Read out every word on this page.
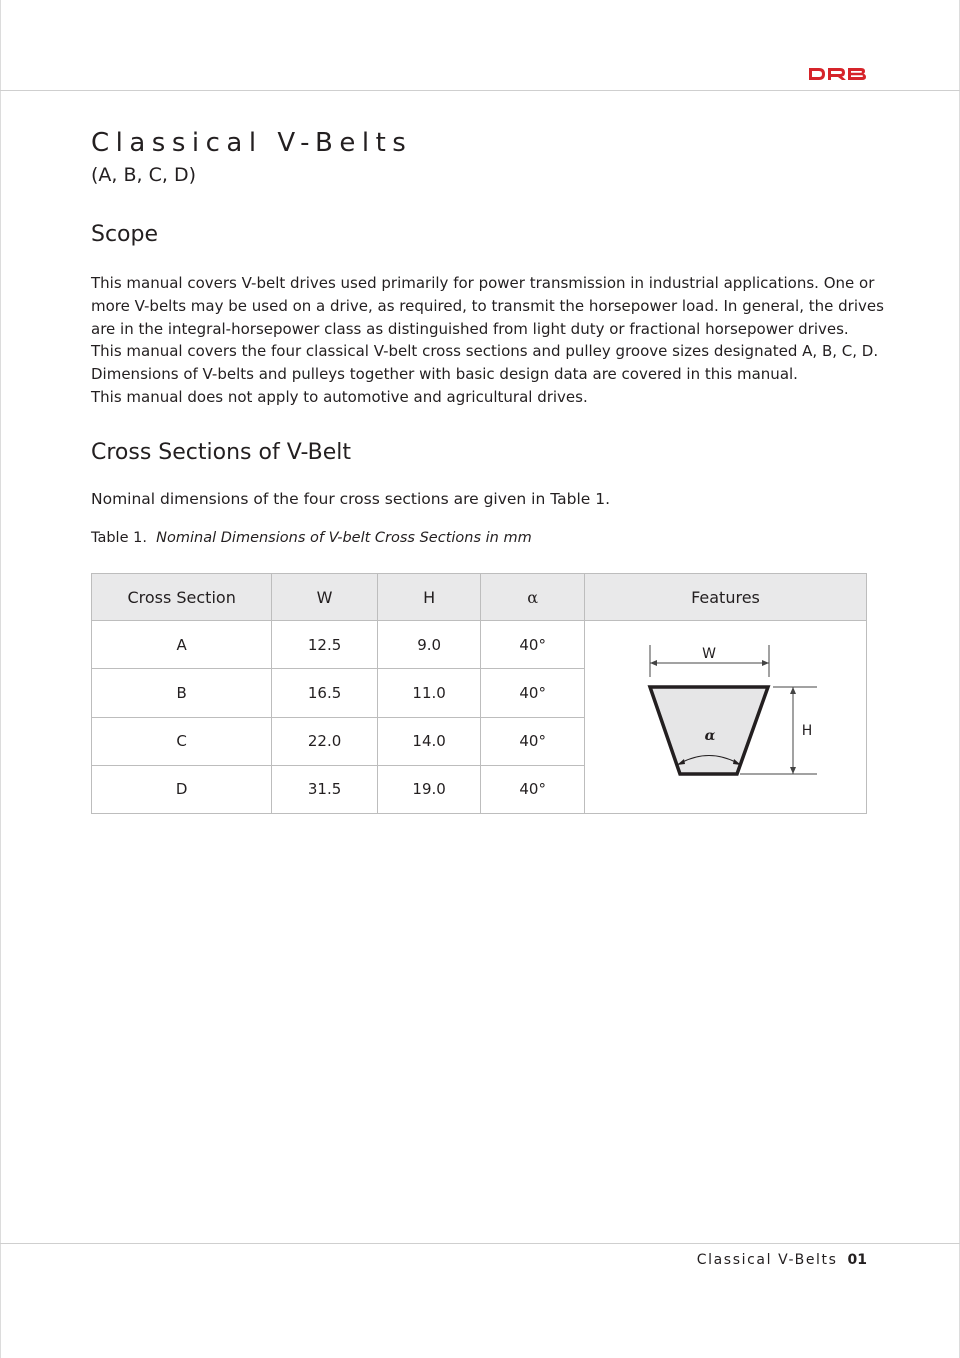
Classical V-Belts

(A, B, C, D)

Scope
This manual covers V-belt drives used primarily for power transmission in industrial applications. One or
more V-belts may be used on a drive, as required, to transmit the horsepower load. In general, the drives
are in the integral-horsepower class as distinguished from light duty or fractional horsepower drives.
This manual covers the four classical V-belt cross sections and pulley groove sizes designated A, B, C, D.
Dimensions of V-belts and pulleys together with basic design data are covered in this manual.
This manual does not apply to automotive and agricultural drives.
Cross Sections of V-Belt

Nominal dimensions of the four cross sections are given in Table 1.

Table 1. Nominal Dimensions of V-belt Cross Sections in mm

Cross Section	W	H	α	Features
A	12.5	9.0	40°	W
H
α

B	16.5	11.0	40°	
C	22.0	14.0	40°	
D	31.5	19.0	40°	

Classical V-Belts 01
